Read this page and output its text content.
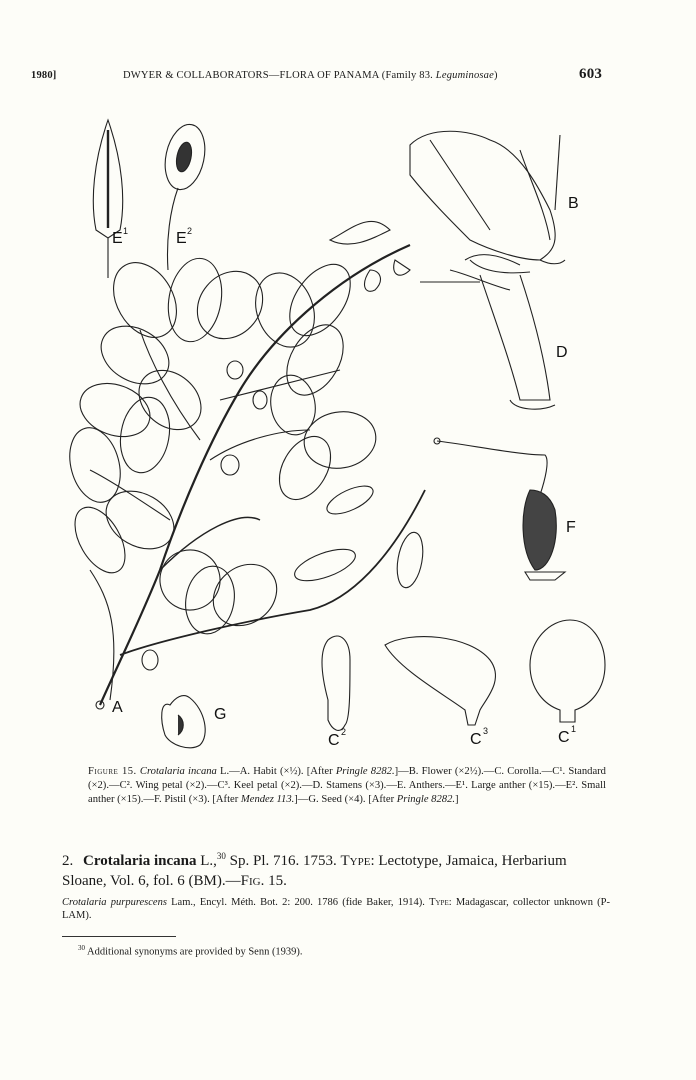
1980]	DWYER & COLLABORATORS—FLORA OF PANAMA (Family 83. Leguminosae)	603
E 1	E 2
B
D
F
A	G
C 2	C 3	C 1
Figure 15. Crotalaria incana L.—A. Habit (×½). [After Pringle 8282.]—B. Flower (×2½).—C. Corolla.—C¹. Standard (×2).—C². Wing petal (×2).—C³. Keel petal (×2).—D. Stamens (×3).—E. Anthers.—E¹. Large anther (×15).—E². Small anther (×15).—F. Pistil (×3). [After Mendez 113.]—G. Seed (×4). [After Pringle 8282.]
2. Crotalaria incana L.,$^{30}$ Sp. Pl. 716. 1753. Type: Lectotype, Jamaica, Herbarium Sloane, Vol. 6, fol. 6 (BM).—Fig. 15.
Crotalaria purpurescens Lam., Encyl. Méth. Bot. 2: 200. 1786 (fide Baker, 1914). Type: Madagascar, collector unknown (P-LAM).
$^{30}$ Additional synonyms are provided by Senn (1939).
